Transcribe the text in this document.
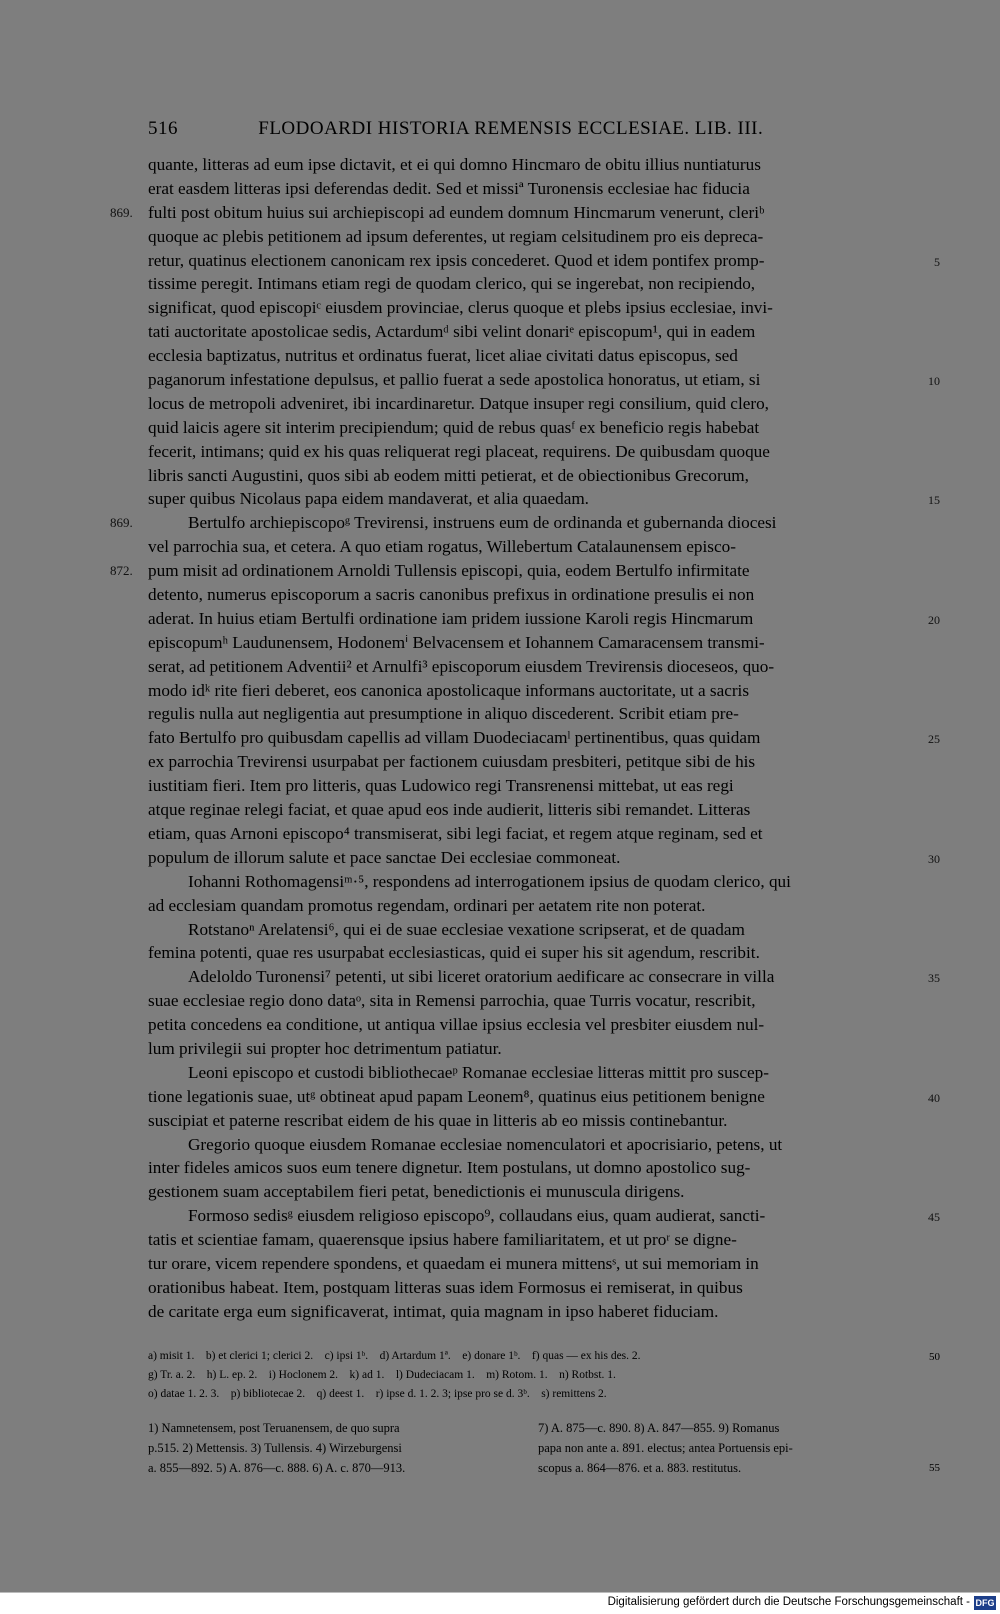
516	FLODOARDI HISTORIA REMENSIS ECCLESIAE. LIB. III.
quante, litteras ad eum ipse dictavit, et ei qui domno Hincmaro de obitu illius nuntiaturus
erat easdem litteras ipsi deferendas dedit. Sed et missiª Turonensis ecclesiae hac fiducia
fulti post obitum huius sui archiepiscopi ad eundem domnum Hincmarum venerunt, cleriᵇ
869.
quoque ac plebis petitionem ad ipsum deferentes, ut regiam celsitudinem pro eis depreca-
retur, quatinus electionem canonicam rex ipsis concederet. Quod et idem pontifex promp-	5
tissime peregit. Intimans etiam regi de quodam clerico, qui se ingerebat, non recipiendo,
significat, quod episcopiᶜ eiusdem provinciae, clerus quoque et plebs ipsius ecclesiae, invi-
tati auctoritate apostolicae sedis, Actardumᵈ sibi velint donariᵉ episcopum¹, qui in eadem
ecclesia baptizatus, nutritus et ordinatus fuerat, licet aliae civitati datus episcopus, sed
paganorum infestatione depulsus, et pallio fuerat a sede apostolica honoratus, ut etiam, si	10
locus de metropoli adveniret, ibi incardinaretur. Datque insuper regi consilium, quid clero,
quid laicis agere sit interim precipiendum; quid de rebus quasᶠ ex beneficio regis habebat
fecerit, intimans; quid ex his quas reliquerat regi placeat, requirens. De quibusdam quoque
libris sancti Augustini, quos sibi ab eodem mitti petierat, et de obiectionibus Grecorum,
super quibus Nicolaus papa eidem mandaverat, et alia quaedam.	15
Bertulfo archiepiscopoᵍ Trevirensi, instruens eum de ordinanda et gubernanda diocesi
869.
vel parrochia sua, et cetera. A quo etiam rogatus, Willebertum Catalaunensem episco-
pum misit ad ordinationem Arnoldi Tullensis episcopi, quia, eodem Bertulfo infirmitate
872.
detento, numerus episcoporum a sacris canonibus prefixus in ordinatione presulis ei non
aderat. In huius etiam Bertulfi ordinatione iam pridem iussione Karoli regis Hincmarum	20
episcopumʰ Laudunensem, Hodonemⁱ Belvacensem et Iohannem Camaracensem transmi-
serat, ad petitionem Adventii² et Arnulfi³ episcoporum eiusdem Trevirensis dioceseos, quo-
modo idᵏ rite fieri deberet, eos canonica apostolicaque informans auctoritate, ut a sacris
regulis nulla aut negligentia aut presumptione in aliquo discederent. Scribit etiam pre-
fato Bertulfo pro quibusdam capellis ad villam Duodeciacamˡ pertinentibus, quas quidam	25
ex parrochia Trevirensi usurpabat per factionem cuiusdam presbiteri, petitque sibi de his
iustitiam fieri. Item pro litteris, quas Ludowico regi Transrenensi mittebat, ut eas regi
atque reginae relegi faciat, et quae apud eos inde audierit, litteris sibi remandet. Litteras
etiam, quas Arnoni episcopo⁴ transmiserat, sibi legi faciat, et regem atque reginam, sed et
populum de illorum salute et pace sanctae Dei ecclesiae commoneat.	30
Iohanni Rothomagensiᵐ·⁵, respondens ad interrogationem ipsius de quodam clerico, qui
ad ecclesiam quandam promotus regendam, ordinari per aetatem rite non poterat.
Rotstanoⁿ Arelatensi⁶, qui ei de suae ecclesiae vexatione scripserat, et de quadam
femina potenti, quae res usurpabat ecclesiasticas, quid ei super his sit agendum, rescribit.
Adeloldo Turonensi⁷ petenti, ut sibi liceret oratorium aedificare ac consecrare in villa	35
suae ecclesiae regio dono dataᵒ, sita in Remensi parrochia, quae Turris vocatur, rescribit,
petita concedens ea conditione, ut antiqua villae ipsius ecclesia vel presbiter eiusdem nul-
lum privilegii sui propter hoc detrimentum patiatur.
Leoni episcopo et custodi bibliothecaeᵖ Romanae ecclesiae litteras mittit pro suscep-
tione legationis suae, utᵍ obtineat apud papam Leonem⁸, quatinus eius petitionem benigne	40
suscipiat et paterne rescribat eidem de his quae in litteris ab eo missis continebantur.
Gregorio quoque eiusdem Romanae ecclesiae nomenculatori et apocrisiario, petens, ut
inter fideles amicos suos eum tenere dignetur. Item postulans, ut domno apostolico sug-
gestionem suam acceptabilem fieri petat, benedictionis ei munuscula dirigens.
Formoso sedisᵍ eiusdem religioso episcopo⁹, collaudans eius, quam audierat, sancti-	45
tatis et scientiae famam, quaerensque ipsius habere familiaritatem, et ut proʳ se digne-
tur orare, vicem rependere spondens, et quaedam ei munera mittensˢ, ut sui memoriam in
orationibus habeat. Item, postquam litteras suas idem Formosus ei remiserat, in quibus
de caritate erga eum significaverat, intimat, quia magnam in ipso haberet fiduciam.
a) misit 1.    b) et clerici 1; clerici 2.    c) ipsi 1ᵇ.    d) Artardum 1ª.    e) donare 1ᵇ.    f) quas — ex his des. 2.	50
g) Tr. a. 2.    h) L. ep. 2.    i) Hoclonem 2.    k) ad 1.    l) Dudeciacam 1.    m) Rotom. 1.    n) Rotbst. 1.
o) datae 1. 2. 3.    p) bibliotecae 2.    q) deest 1.    r) ipse d. 1. 2. 3; ipse pro se d. 3ᵇ.    s) remittens 2.
1) Namnetensem, post Teruanensem, de quo supra
p.515. 2) Mettensis. 3) Tullensis. 4) Wirzeburgensi
a. 855—892. 5) A. 876—c. 888. 6) A. c. 870—913.
7) A. 875—c. 890. 8) A. 847—855. 9) Romanus
papa non ante a. 891. electus; antea Portuensis epi-
scopus a. 864—876. et a. 883. restitutus.	55
Digitalisierung gefördert durch die Deutsche Forschungsgemeinschaft - DFG
